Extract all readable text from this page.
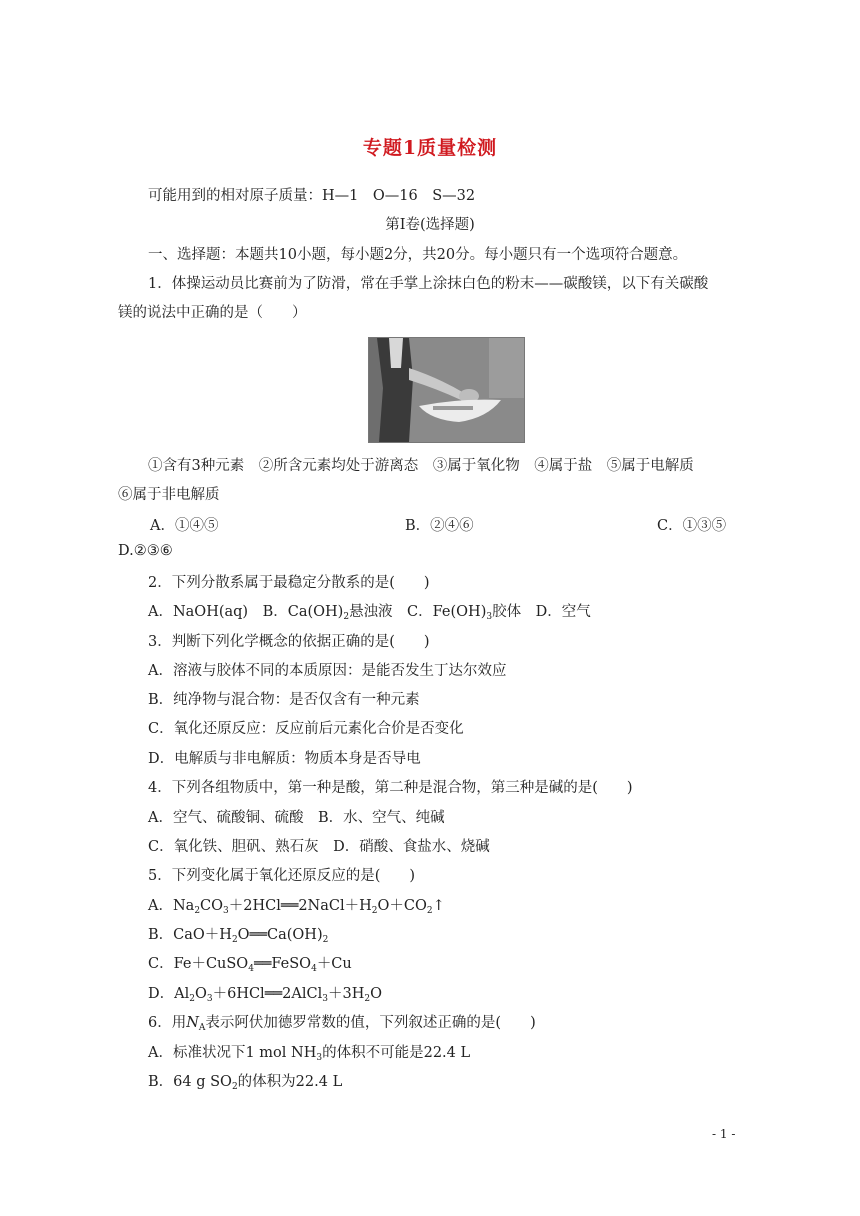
专题1质量检测
可能用到的相对原子质量：H—1　O—16　S—32
第Ⅰ卷(选择题)
一、选择题：本题共10小题，每小题2分，共20分。每小题只有一个选项符合题意。
1．体操运动员比赛前为了防滑，常在手掌上涂抹白色的粉末——碳酸镁，以下有关碳酸
镁的说法中正确的是（　　）
①含有3种元素　②所含元素均处于游离态　③属于氧化物　④属于盐　⑤属于电解质
⑥属于非电解质
A．①④⑤	B．②④⑥	C．①③⑤
D.②③⑥
2．下列分散系属于最稳定分散系的是(　　)
A．NaOH(aq)　B．$Ca(OH)_2$悬浊液　C．$Fe(OH)_3$胶体　D．空气
3．判断下列化学概念的依据正确的是(　　)
A．溶液与胶体不同的本质原因：是能否发生丁达尔效应
B．纯净物与混合物：是否仅含有一种元素
C．氧化还原反应：反应前后元素化合价是否变化
D．电解质与非电解质：物质本身是否导电
4．下列各组物质中，第一种是酸，第二种是混合物，第三种是碱的是(　　)
A．空气、硫酸铜、硫酸　B．水、空气、纯碱
C．氧化铁、胆矾、熟石灰　D．硝酸、食盐水、烧碱
5．下列变化属于氧化还原反应的是(　　)
A．$Na_2CO_3+2HCl══2NaCl+H_2O+CO_2↑$
B．$CaO+H_2O══Ca(OH)_2$
C．Fe＋CuSO$_4$══FeSO$_4$＋Cu
D．$Al_2O_3+6HCl══2AlCl_3+3H_2O$
6．用$N_A$表示阿伏加德罗常数的值，下列叙述正确的是(　　)
A．标准状况下1 mol $NH_3$的体积不可能是22.4 L
B．64 g $SO_2$的体积为22.4 L
- 1 -
